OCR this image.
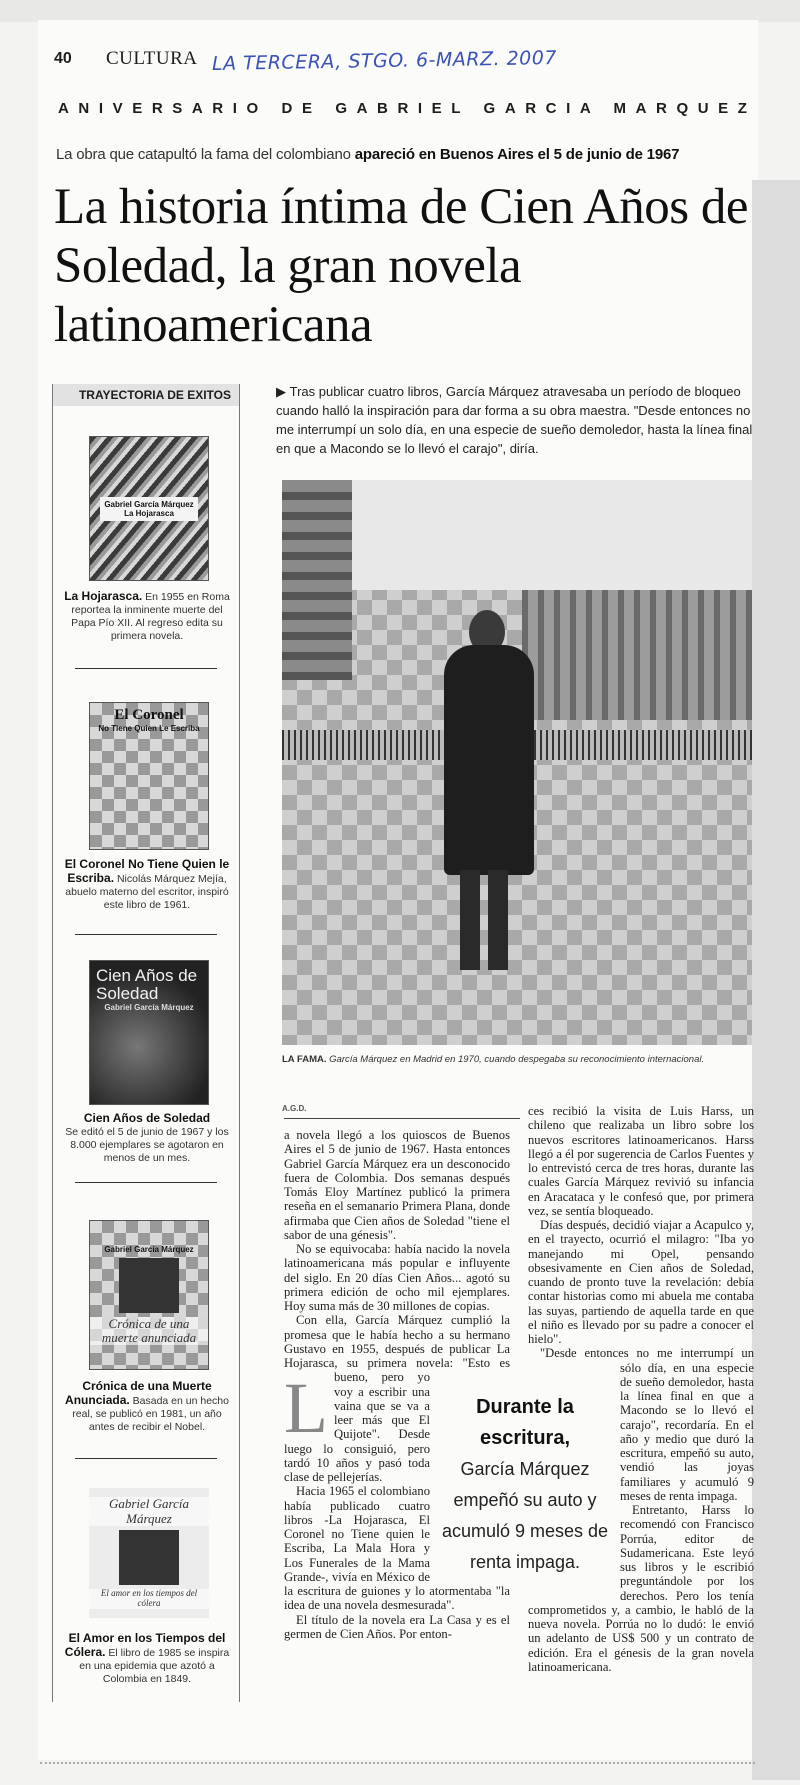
40 CULTURA LA TERCERA, STGO. 6-MARZ. 2007
ANIVERSARIO DE GABRIEL GARCIA MARQUEZ
La obra que catapultó la fama del colombiano apareció en Buenos Aires el 5 de junio de 1967
La historia íntima de Cien Años de Soledad, la gran novela latinoamericana
TRAYECTORIA DE EXITOS
Gabriel García Márquez
La Hojarasca
La Hojarasca. En 1955 en Roma reportea la inminente muerte del Papa Pío XII. Al regreso edita su primera novela.
El Coronel
No Tiene Quien Le Escriba
El Coronel No Tiene Quien le Escriba. Nicolás Márquez Mejía, abuelo materno del escritor, inspiró este libro de 1961.
Cien Años de Soledad
Gabriel García Márquez
Cien Años de Soledad
Se editó el 5 de junio de 1967 y los 8.000 ejemplares se agotaron en menos de un mes.
Gabriel García Márquez
Crónica de una muerte anunciada
Crónica de una Muerte Anunciada. Basada en un hecho real, se publicó en 1981, un año antes de recibir el Nobel.
Gabriel García Márquez
El amor en los tiempos del cólera
El Amor en los Tiempos del Cólera. El libro de 1985 se inspira en una epidemia que azotó a Colombia en 1849.
▶ Tras publicar cuatro libros, García Márquez atravesaba un período de bloqueo cuando halló la inspiración para dar forma a su obra maestra. "Desde entonces no me interrumpí un solo día, en una especie de sueño demoledor, hasta la línea final en que a Macondo se lo llevó el carajo", diría.
LA FAMA. García Márquez en Madrid en 1970, cuando despegaba su reconocimiento internacional.
A.G.D.

L
a novela llegó a los quioscos de Buenos Aires el 5 de junio de 1967. Hasta entonces Gabriel García Márquez era un desconocido fuera de Colombia. Dos semanas después Tomás Eloy Martínez publicó la primera reseña en el semanario Primera Plana, donde afirmaba que Cien años de Soledad "tiene el sabor de una génesis".

No se equivocaba: había nacido la novela latinoamericana más popular e influyente del siglo. En 20 días Cien Años... agotó su primera edición de ocho mil ejemplares. Hoy suma más de 30 millones de copias.

Con ella, García Márquez cumplió la promesa que le había hecho a su hermano Gustavo en 1955, después de publicar La Hojarasca, su primera novela: "Esto es bueno, pero yo voy a escribir una vaina que se va a leer más que El Quijote". Desde luego lo consiguió, pero tardó 10 años y pasó toda clase de pellejerías.

Hacia 1965 el colombiano había publicado cuatro libros -La Hojarasca, El Coronel no Tiene quien le Escriba, La Mala Hora y Los Funerales de la Mama Grande-, vivía en México de la escritura de guiones y lo atormentaba "la idea de una novela desmesurada".

El título de la novela era La Casa y es el germen de Cien Años. Por enton-

ces recibió la visita de Luis Harss, un chileno que realizaba un libro sobre los nuevos escritores latinoamericanos. Harss llegó a él por sugerencia de Carlos Fuentes y lo entrevistó cerca de tres horas, durante las cuales García Márquez revivió su infancia en Aracataca y le confesó que, por primera vez, se sentía bloqueado.

Días después, decidió viajar a Acapulco y, en el trayecto, ocurrió el milagro: "Iba yo manejando mi Opel, pensando obsesivamente en Cien años de Soledad, cuando de pronto tuve la revelación: debía contar historias como mi abuela me contaba las suyas, partiendo de aquella tarde en que el niño es llevado por su padre a conocer el hielo".

"Desde entonces no me interrumpí un sólo día, en una especie de sueño demoledor, hasta la línea final en que a Macondo se lo llevó el carajo", recordaría. En el año y medio que duró la escritura, empeñó su auto, vendió las joyas familiares y acumuló 9 meses de renta impaga.

Entretanto, Harss lo recomendó con Francisco Porrúa, editor de Sudamericana. Este leyó sus libros y le escribió preguntándole por los derechos. Pero los tenía comprometidos y, a cambio, le habló de la nueva novela. Porrúa no lo dudó: le envió un adelanto de US$ 500 y un contrato de edición. Era el génesis de la gran novela latinoamericana.

Durante la escritura,
García Márquez empeñó su auto y acumuló 9 meses de renta impaga.
